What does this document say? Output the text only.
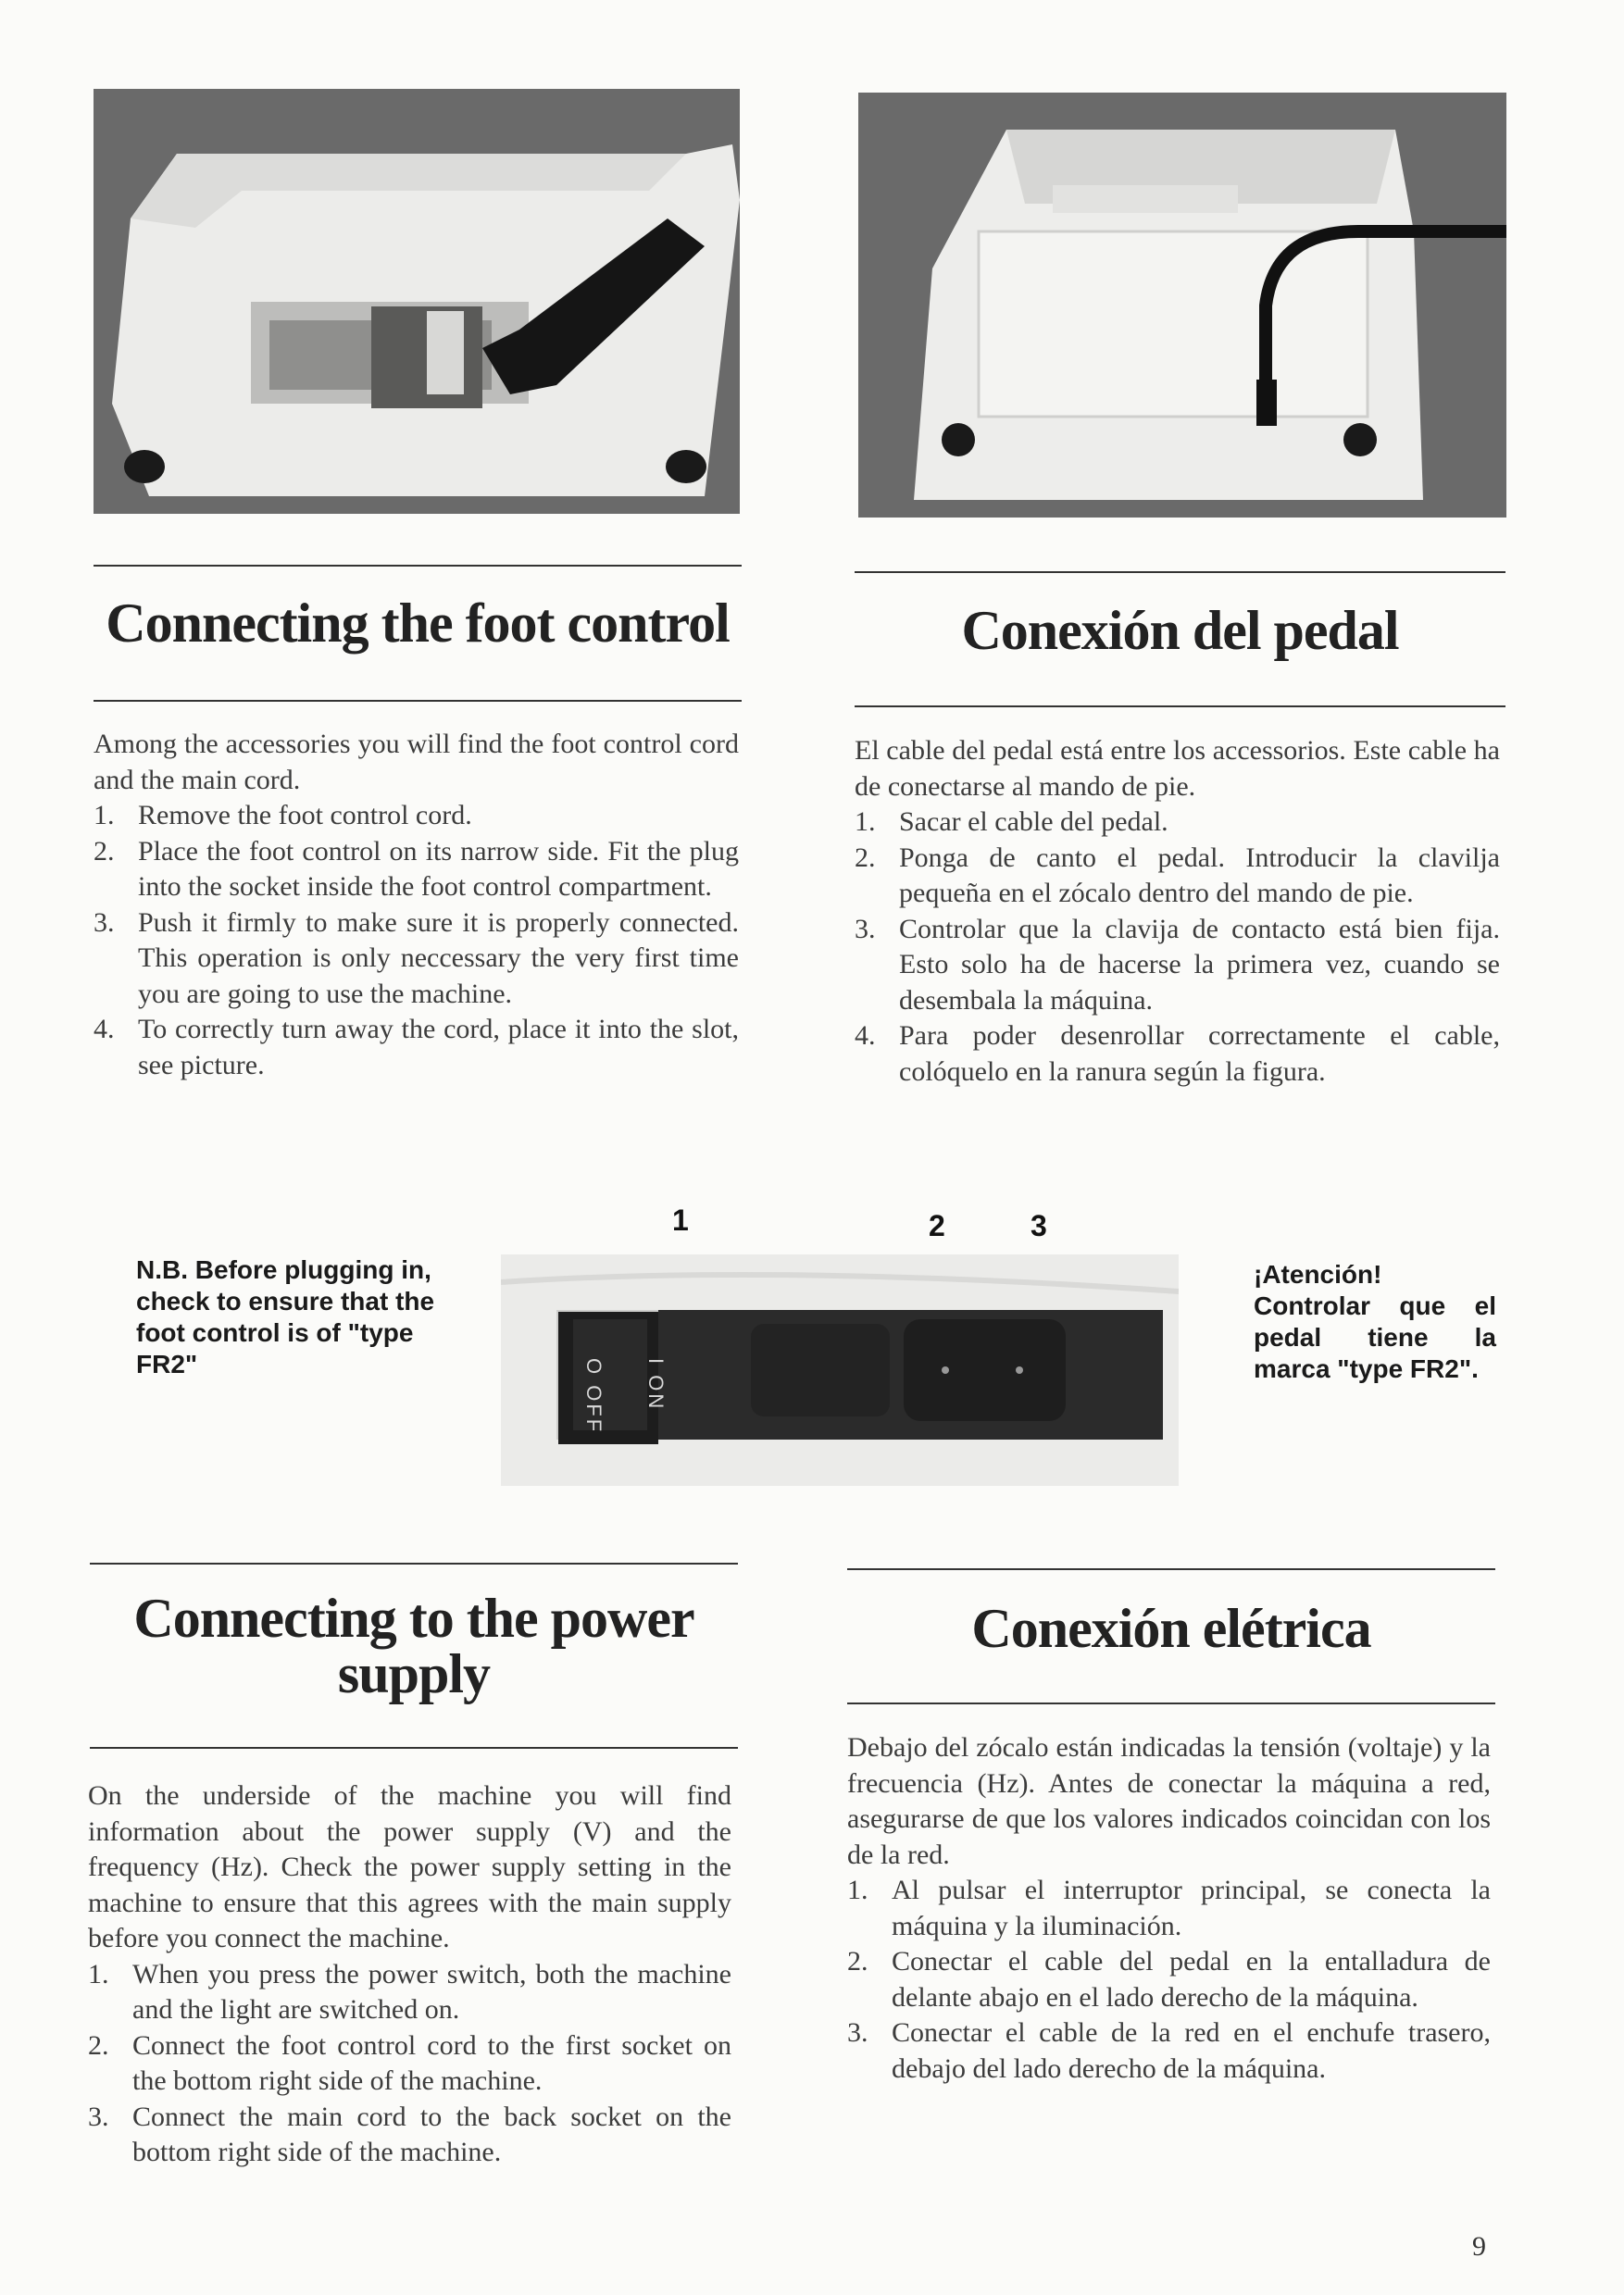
Connecting the foot control

Among the accessories you will find the foot control cord and the main cord.

1. Remove the foot control cord.
2. Place the foot control on its narrow side. Fit the plug into the socket inside the foot control compartment.
3. Push it firmly to make sure it is properly connected. This operation is only neccessary the very first time you are going to use the machine.
4. To correctly turn away the cord, place it into the slot, see picture.
Conexión del pedal

El cable del pedal está entre los accessorios. Este cable ha de conectarse al mando de pie.

1. Sacar el cable del pedal.
2. Ponga de canto el pedal. Introducir la clavilja pequeña en el zócalo dentro del mando de pie.
3. Controlar que la clavija de contacto está bien fija. Esto solo ha de hacerse la primera vez, cuando se desembala la máquina.
4. Para poder desenrollar correctamente el cable, colóquelo en la ranura según la figura.
N.B. Before plugging in, check to ensure that the foot control is of "type FR2"
1	2	3
O OFF I ON
¡Atención! Controlar que el pedal tiene la marca "type FR2".
Connecting to the power supply

On the underside of the machine you will find information about the power supply (V) and the frequency (Hz). Check the power supply setting in the machine to ensure that this agrees with the main supply before you connect the machine.

1. When you press the power switch, both the machine and the light are switched on.
2. Connect the foot control cord to the first socket on the bottom right side of the machine.
3. Connect the main cord to the back socket on the bottom right side of the machine.
Conexión elétrica

Debajo del zócalo están indicadas la tensión (voltaje) y la frecuencia (Hz). Antes de conectar la máquina a red, asegurarse de que los valores indicados coincidan con los de la red.

1. Al pulsar el interruptor principal, se conecta la máquina y la iluminación.
2. Conectar el cable del pedal en la entalladura de delante abajo en el lado derecho de la máquina.
3. Conectar el cable de la red en el enchufe trasero, debajo del lado derecho de la máquina.
9
